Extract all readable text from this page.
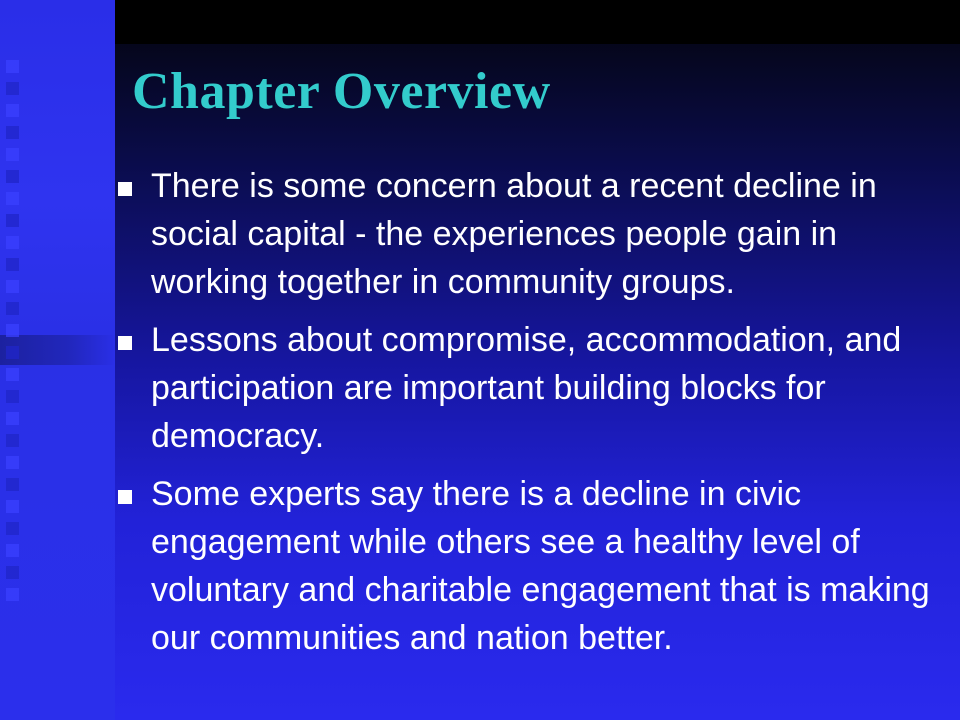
Chapter Overview
There is some concern about a recent decline in social capital - the experiences people gain in working together in community groups.
Lessons about compromise, accommodation, and participation are important building blocks for democracy.
Some experts say there is a decline in civic engagement while others see a healthy level of voluntary and charitable engagement that is making our communities and nation better.
